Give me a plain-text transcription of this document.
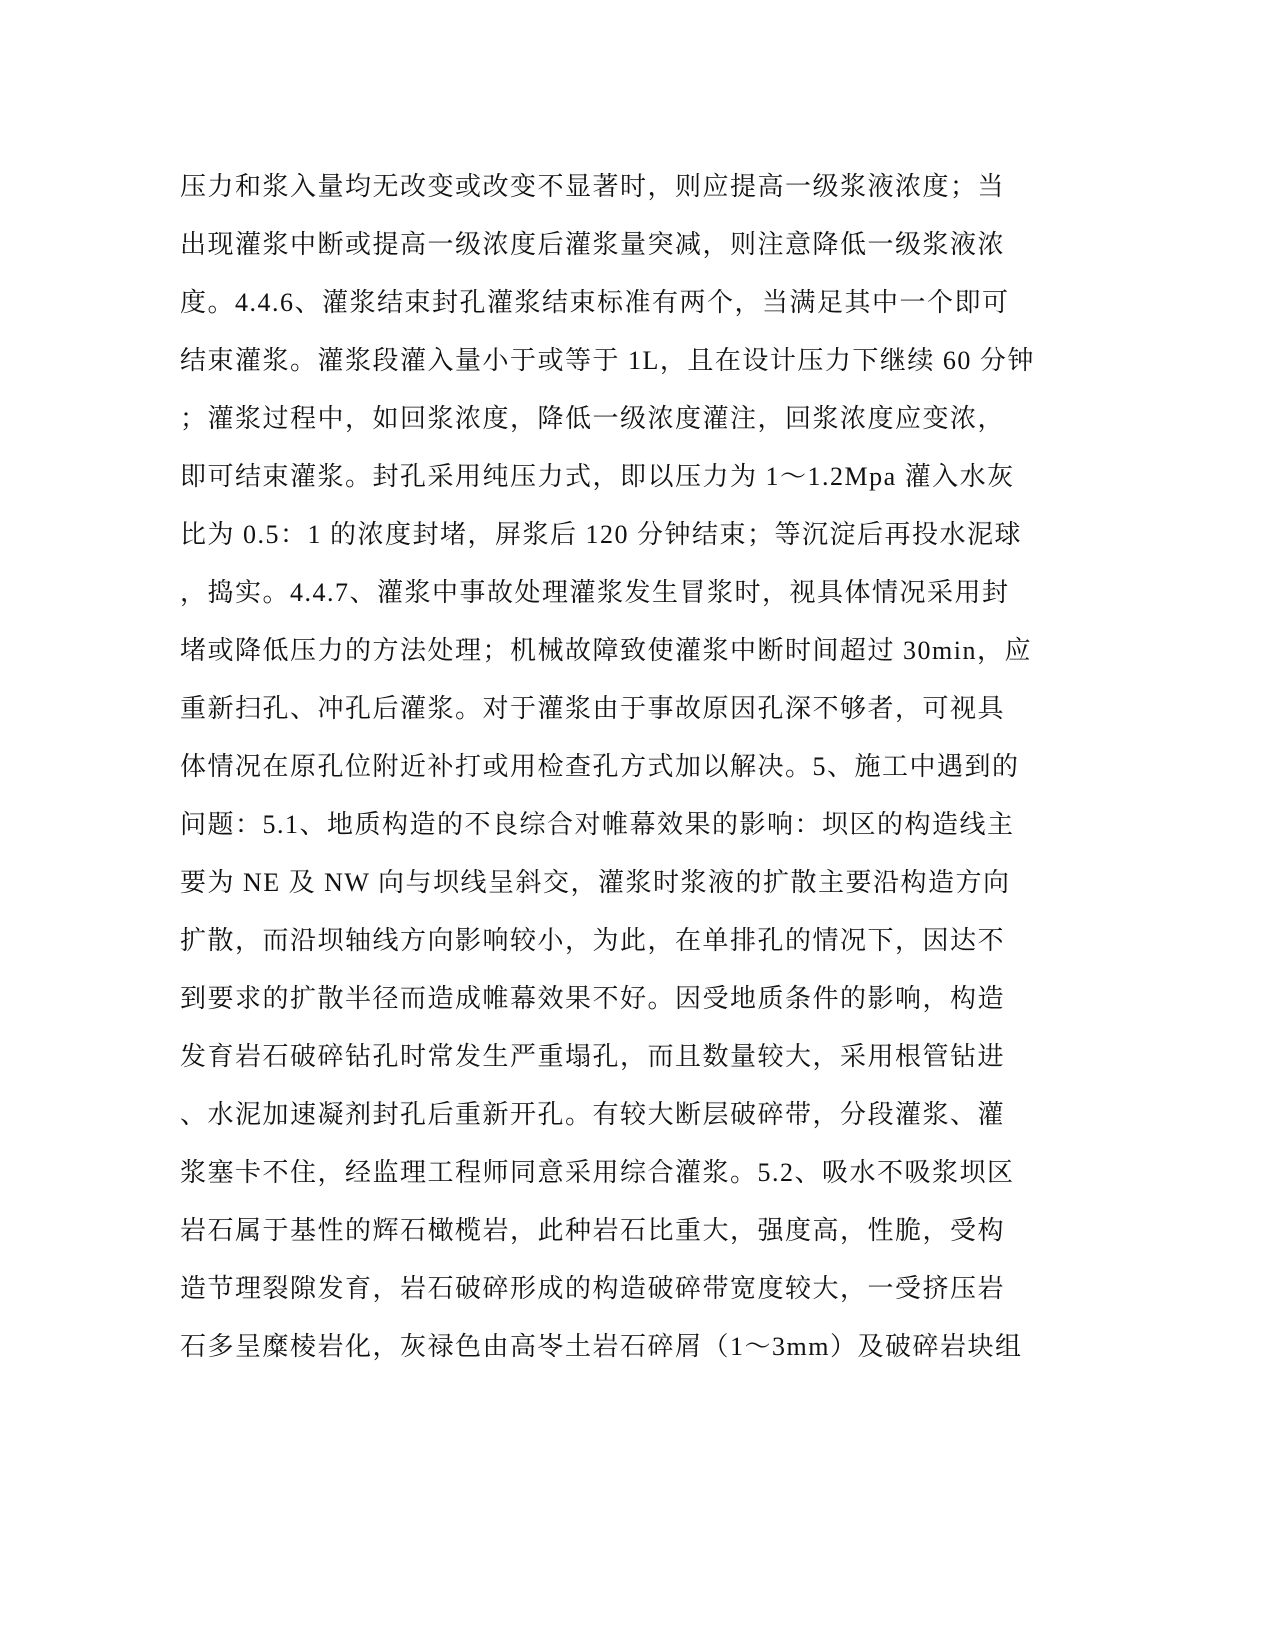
压力和浆入量均无改变或改变不显著时，则应提高一级浆液浓度；当
出现灌浆中断或提高一级浓度后灌浆量突减，则注意降低一级浆液浓
度。4.4.6、灌浆结束封孔灌浆结束标准有两个，当满足其中一个即可
结束灌浆。灌浆段灌入量小于或等于 1L，且在设计压力下继续 60 分钟
；灌浆过程中，如回浆浓度，降低一级浓度灌注，回浆浓度应变浓，
即可结束灌浆。封孔采用纯压力式，即以压力为 1～1.2Mpa 灌入水灰
比为 0.5：1 的浓度封堵，屏浆后 120 分钟结束；等沉淀后再投水泥球
，捣实。4.4.7、灌浆中事故处理灌浆发生冒浆时，视具体情况采用封
堵或降低压力的方法处理；机械故障致使灌浆中断时间超过 30min，应
重新扫孔、冲孔后灌浆。对于灌浆由于事故原因孔深不够者，可视具
体情况在原孔位附近补打或用检查孔方式加以解决。5、施工中遇到的
问题：5.1、地质构造的不良综合对帷幕效果的影响：坝区的构造线主
要为 NE 及 NW 向与坝线呈斜交，灌浆时浆液的扩散主要沿构造方向
扩散，而沿坝轴线方向影响较小，为此，在单排孔的情况下，因达不
到要求的扩散半径而造成帷幕效果不好。因受地质条件的影响，构造
发育岩石破碎钻孔时常发生严重塌孔，而且数量较大，采用根管钻进
、水泥加速凝剂封孔后重新开孔。有较大断层破碎带，分段灌浆、灌
浆塞卡不住，经监理工程师同意采用综合灌浆。5.2、吸水不吸浆坝区
岩石属于基性的辉石橄榄岩，此种岩石比重大，强度高，性脆，受构
造节理裂隙发育，岩石破碎形成的构造破碎带宽度较大，一受挤压岩
石多呈糜棱岩化，灰禄色由高岺土岩石碎屑（1～3mm）及破碎岩块组
